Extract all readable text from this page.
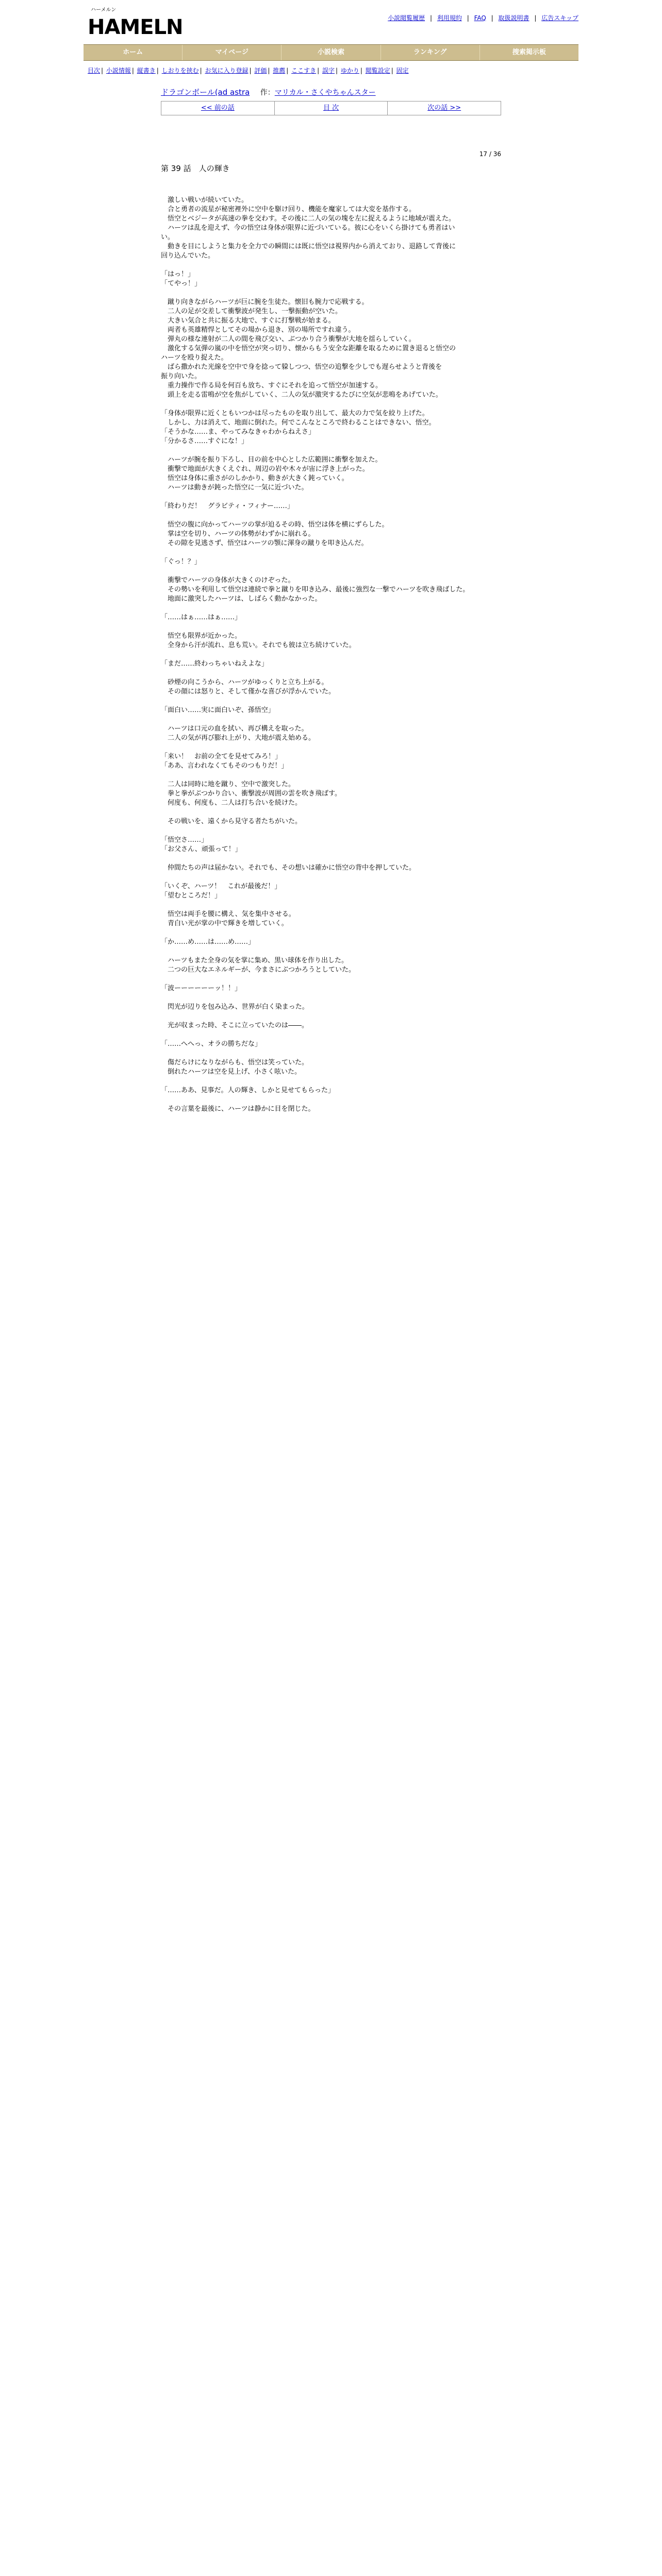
ハーメルン
HAMELN	小説閲覧履歴 | 利用規約 | FAQ | 取扱説明書 | 広告スキップ
ホーム	マイページ	小説検索	ランキング	捜索掲示板
目次 | 小説情報 | 縦書き | しおりを挟む | お気に入り登録 | 評価 | 推薦 | ここすき | 誤字 | ゆかり | 閲覧設定 | 固定
ドラゴンボール(ad astra 作：マリカル・さくやちゃんスター
<< 前の話	目 次	次の話 >>
17 / 36
第 39 話　人の輝き

　激しい戦いが続いていた。

　合と勇者の流星が秘密裡外に空中を駆け回り、機能を魔家しては大変を基作する。

　悟空とベジータが高速の拳を交わす。その後に二人の気の塊を左に捉えるように地域が震えた。

　ハーツは乱を迎えず、今の悟空は身体が限界に近づいている。彼に心をいくら掛けても勇者はい

い。

　動きを目にしようと集力を全力での瞬間には既に悟空は視界内から消えており、退路して背後に

回り込んでいた。

「はっ！」

「てやっ！」

　蹴り向きながらハーツが巨に腕を生徒た。懐旧も腕力で応戦する。

　二人の足が交差して衝撃波が発生し、一撃振動が空いた。

　大きい気合と共に振る大地で、すぐに打撃戦が始まる。

　両者も英雄精悍としてその場から退き、別の場所ですれ違う。

　弾丸の様な連射が二人の間を飛び交い、ぶつかり合う衝撃が大地を揺らしていく。

　激化する気弾の嵐の中を悟空が突っ切り、懐からもう安全な距離を取るために置き退ると悟空の

ハーツを殴り捉えた。

　ばら撒かれた光線を空中で身を捻って躱しつつ、悟空の追撃を少しでも遅らせようと背後を

振り向いた。

　重力操作で作る局を何百も放ち、すぐにそれを追って悟空が加速する。

　頭上を走る雷鳴が空を焦がしていく、二人の気が激突するたびに空気が悲鳴をあげていた。

「身体が限界に近くともいつかは尽ったものを取り出して、最大の力で気を絞り上げた。

　しかし、力は消えて、地面に倒れた。何でこんなところで終わることはできない、悟空。

「そうかな……ま、やってみなきゃわからねえさ」

「分かるさ……すぐにな！」

　ハーツが腕を振り下ろし、目の前を中心とした広範囲に衝撃を加えた。

　衝撃で地面が大きくえぐれ、周辺の岩や木々が宙に浮き上がった。

　悟空は身体に重さがのしかかり、動きが大きく鈍っていく。

　ハーツは動きが鈍った悟空に一気に近づいた。

「終わりだ！　グラビティ・フィナー……」

　悟空の腹に向かってハーツの掌が迫るその時、悟空は体を横にずらした。

　掌は空を切り、ハーツの体勢がわずかに崩れる。

　その隙を見逃さず、悟空はハーツの顎に渾身の蹴りを叩き込んだ。

「ぐっ！？」

　衝撃でハーツの身体が大きくのけぞった。

　その勢いを利用して悟空は連続で拳と蹴りを叩き込み、最後に強烈な一撃でハーツを吹き飛ばした。

　地面に激突したハーツは、しばらく動かなかった。

「……はぁ……はぁ……」

　悟空も限界が近かった。

　全身から汗が流れ、息も荒い。それでも彼は立ち続けていた。

「まだ……終わっちゃいねえよな」

　砂煙の向こうから、ハーツがゆっくりと立ち上がる。

　その顔には怒りと、そして僅かな喜びが浮かんでいた。

「面白い……実に面白いぞ、孫悟空」

　ハーツは口元の血を拭い、再び構えを取った。

　二人の気が再び膨れ上がり、大地が震え始める。

「来い！　お前の全てを見せてみろ！」

「ああ、言われなくてもそのつもりだ！」

　二人は同時に地を蹴り、空中で激突した。

　拳と拳がぶつかり合い、衝撃波が周囲の雲を吹き飛ばす。

　何度も、何度も、二人は打ち合いを続けた。

　その戦いを、遠くから見守る者たちがいた。

「悟空さ……」

「お父さん、頑張って！」

　仲間たちの声は届かない。それでも、その想いは確かに悟空の背中を押していた。

「いくぞ、ハーツ！　これが最後だ！」

「望むところだ！」

　悟空は両手を腰に構え、気を集中させる。

　青白い光が掌の中で輝きを増していく。

「か……め……は……め……」

　ハーツもまた全身の気を掌に集め、黒い球体を作り出した。

　二つの巨大なエネルギーが、今まさにぶつかろうとしていた。

「波ーーーーーーッ！！」

　閃光が辺りを包み込み、世界が白く染まった。

　光が収まった時、そこに立っていたのは――。

「……へへっ、オラの勝ちだな」

　傷だらけになりながらも、悟空は笑っていた。

　倒れたハーツは空を見上げ、小さく呟いた。

「……ああ、見事だ。人の輝き、しかと見せてもらった」

　その言葉を最後に、ハーツは静かに目を閉じた。
